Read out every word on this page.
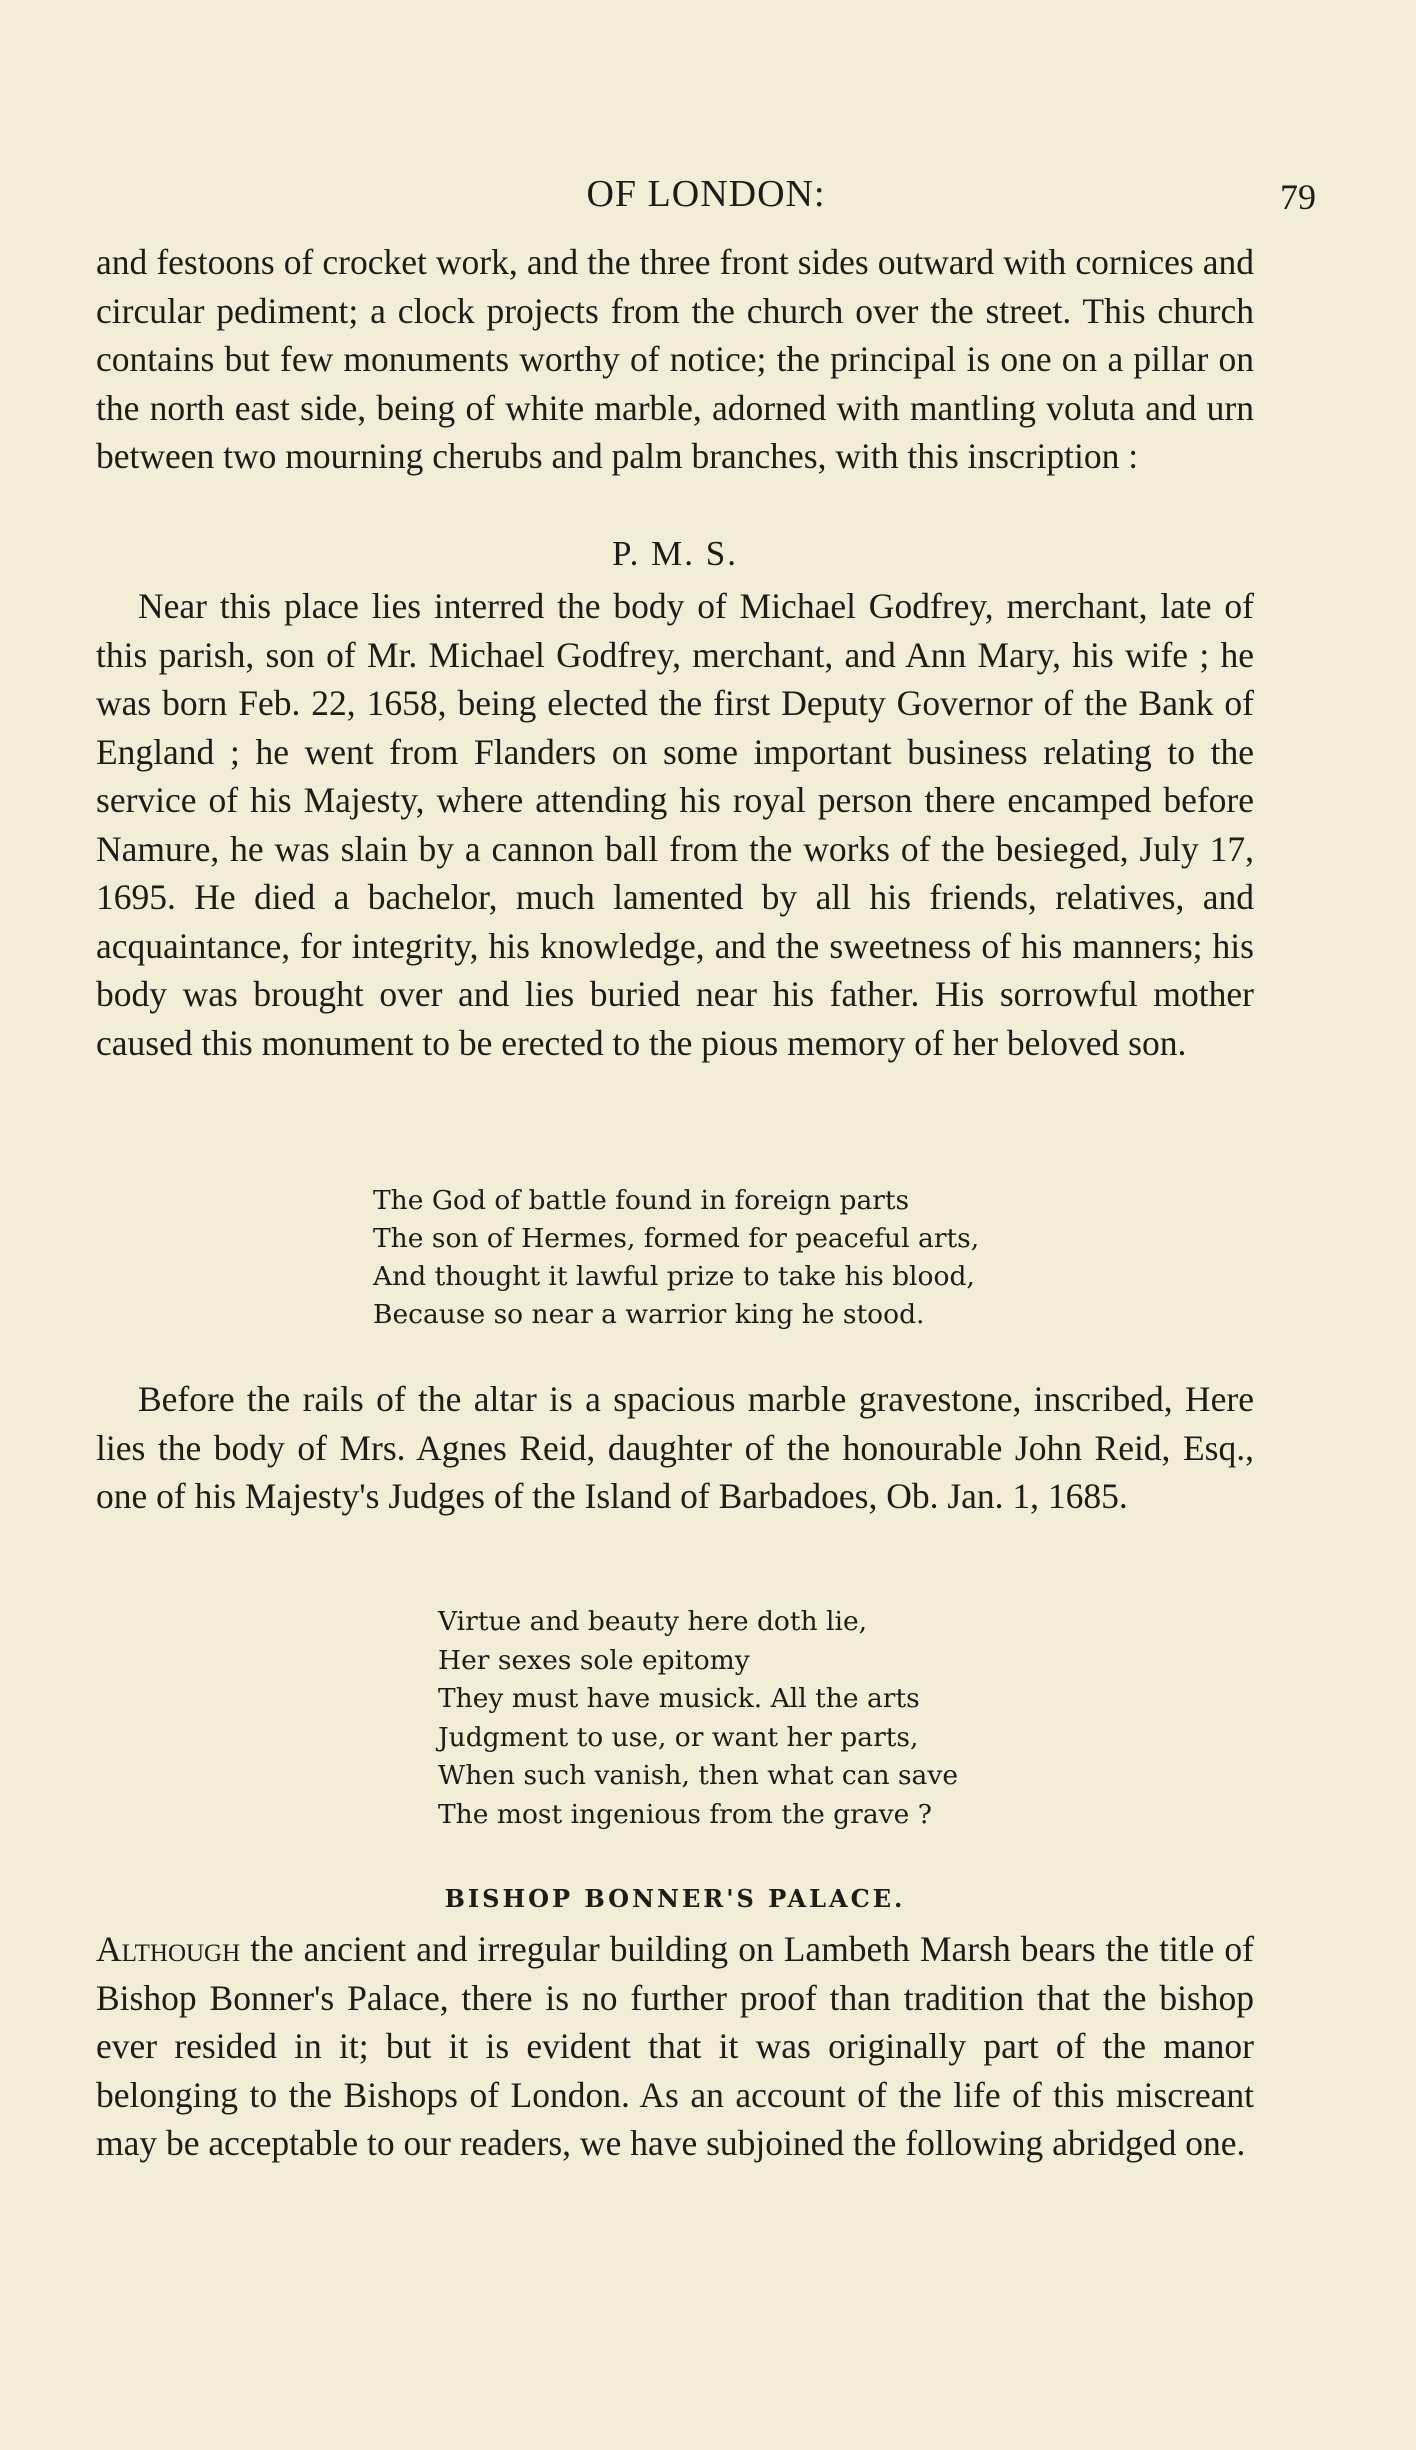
OF LONDON:	79

and festoons of crocket work, and the three front sides outward with cornices and circular pediment; a clock projects from the church over the street. This church contains but few monuments worthy of notice; the principal is one on a pillar on the north east side, being of white marble, adorned with mantling voluta and urn between two mourning cherubs and palm branches, with this inscription :

P. M. S.

Near this place lies interred the body of Michael Godfrey, merchant, late of this parish, son of Mr. Michael Godfrey, merchant, and Ann Mary, his wife ; he was born Feb. 22, 1658, being elected the first Deputy Governor of the Bank of England ; he went from Flanders on some important business relating to the service of his Majesty, where attending his royal person there encamped before Namure, he was slain by a cannon ball from the works of the besieged, July 17, 1695. He died a bachelor, much lamented by all his friends, relatives, and acquaintance, for integrity, his knowledge, and the sweetness of his manners; his body was brought over and lies buried near his father. His sorrowful mother caused this monument to be erected to the pious memory of her beloved son.

The God of battle found in foreign parts
The son of Hermes, formed for peaceful arts,
And thought it lawful prize to take his blood,
Because so near a warrior king he stood.

Before the rails of the altar is a spacious marble gravestone, inscribed, Here lies the body of Mrs. Agnes Reid, daughter of the honourable John Reid, Esq., one of his Majesty's Judges of the Island of Barbadoes, Ob. Jan. 1, 1685.

Virtue and beauty here doth lie,
Her sexes sole epitomy
They must have musick. All the arts
Judgment to use, or want her parts,
When such vanish, then what can save
The most ingenious from the grave ?
BISHOP BONNER'S PALACE.

Although the ancient and irregular building on Lambeth Marsh bears the title of Bishop Bonner's Palace, there is no further proof than tradition that the bishop ever resided in it; but it is evident that it was originally part of the manor belonging to the Bishops of London. As an account of the life of this miscreant may be acceptable to our readers, we have subjoined the following abridged one.
